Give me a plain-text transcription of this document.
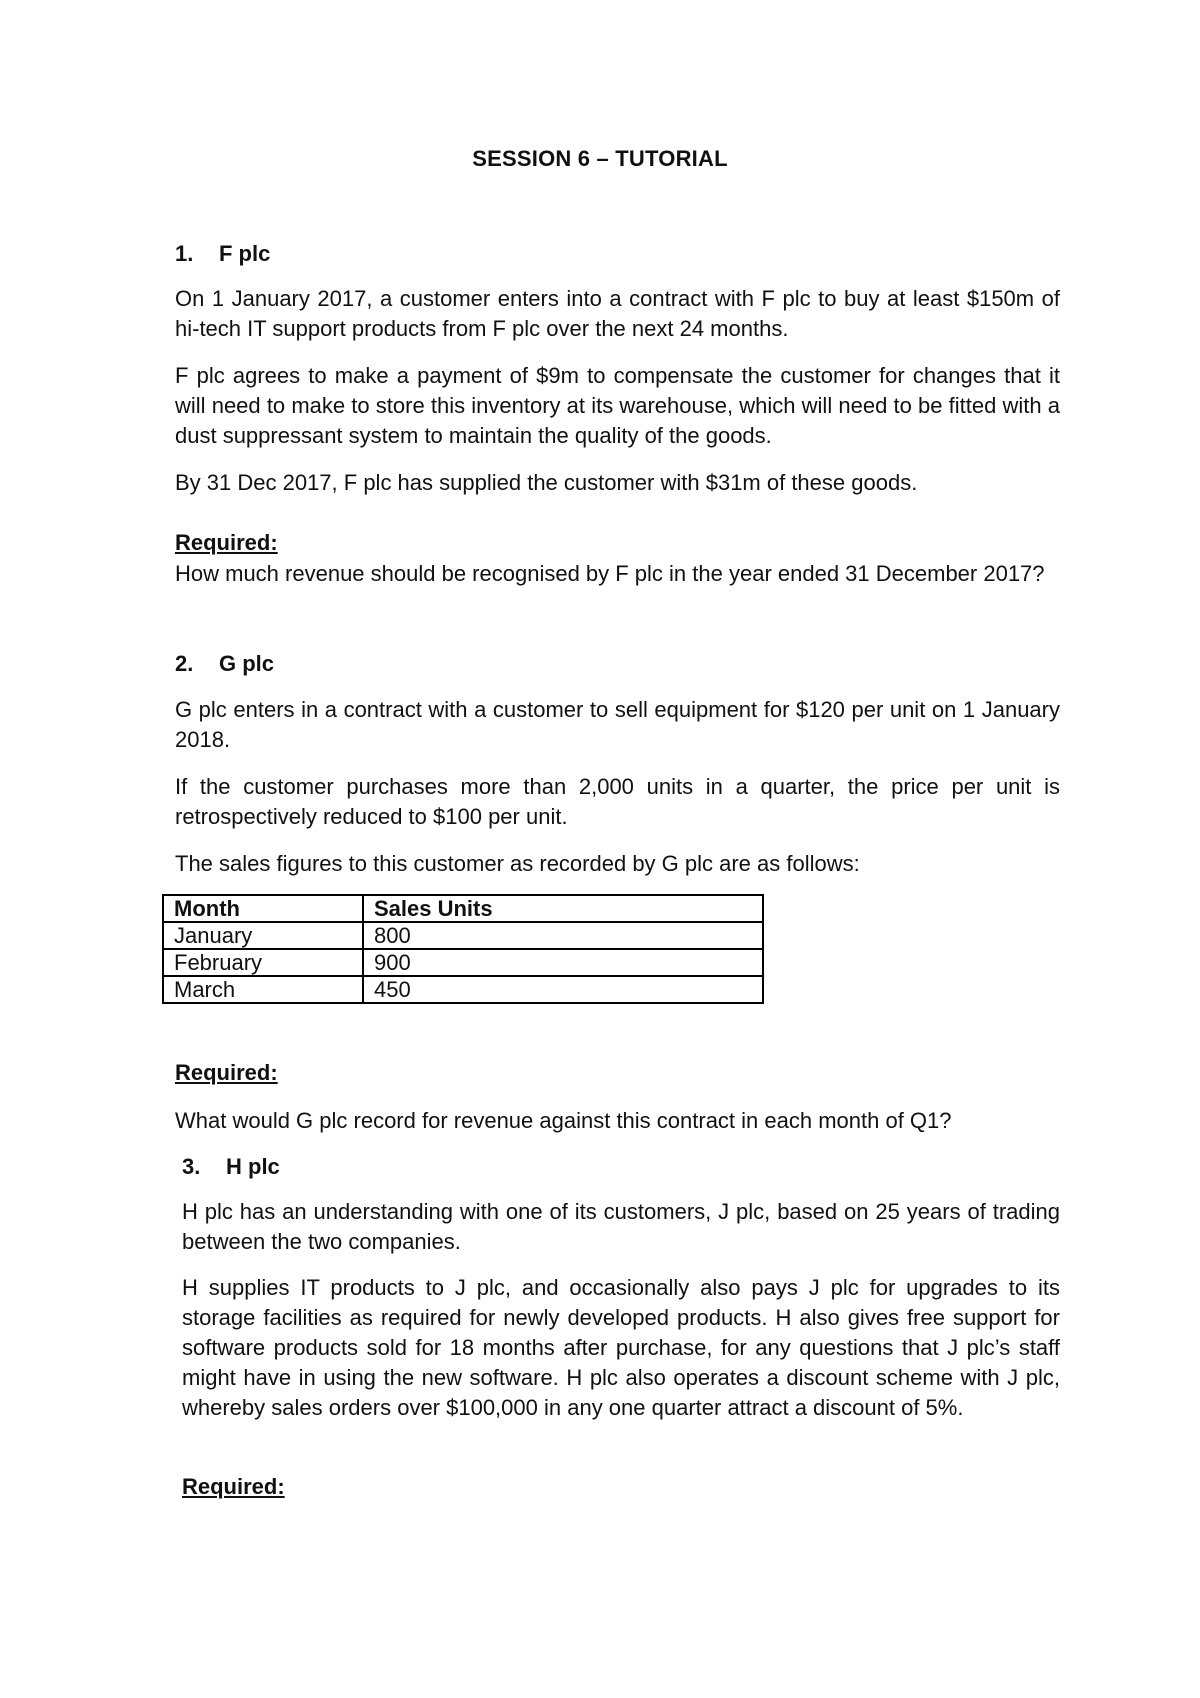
SESSION 6 – TUTORIAL
1. F plc
On 1 January 2017, a customer enters into a contract with F plc to buy at least $150m of hi-tech IT support products from F plc over the next 24 months.
F plc agrees to make a payment of $9m to compensate the customer for changes that it will need to make to store this inventory at its warehouse, which will need to be fitted with a dust suppressant system to maintain the quality of the goods.
By 31 Dec 2017, F plc has supplied the customer with $31m of these goods.
Required:
How much revenue should be recognised by F plc in the year ended 31 December 2017?
2. G plc
G plc enters in a contract with a customer to sell equipment for $120 per unit on 1 January 2018.
If the customer purchases more than 2,000 units in a quarter, the price per unit is retrospectively reduced to $100 per unit.
The sales figures to this customer as recorded by G plc are as follows:
Month	Sales Units
January	800
February	900
March	450
Required:
What would G plc record for revenue against this contract in each month of Q1?
3. H plc
H plc has an understanding with one of its customers, J plc, based on 25 years of trading between the two companies.
H supplies IT products to J plc, and occasionally also pays J plc for upgrades to its storage facilities as required for newly developed products. H also gives free support for software products sold for 18 months after purchase, for any questions that J plc’s staff might have in using the new software. H plc also operates a discount scheme with J plc, whereby sales orders over $100,000 in any one quarter attract a discount of 5%.
Required:
